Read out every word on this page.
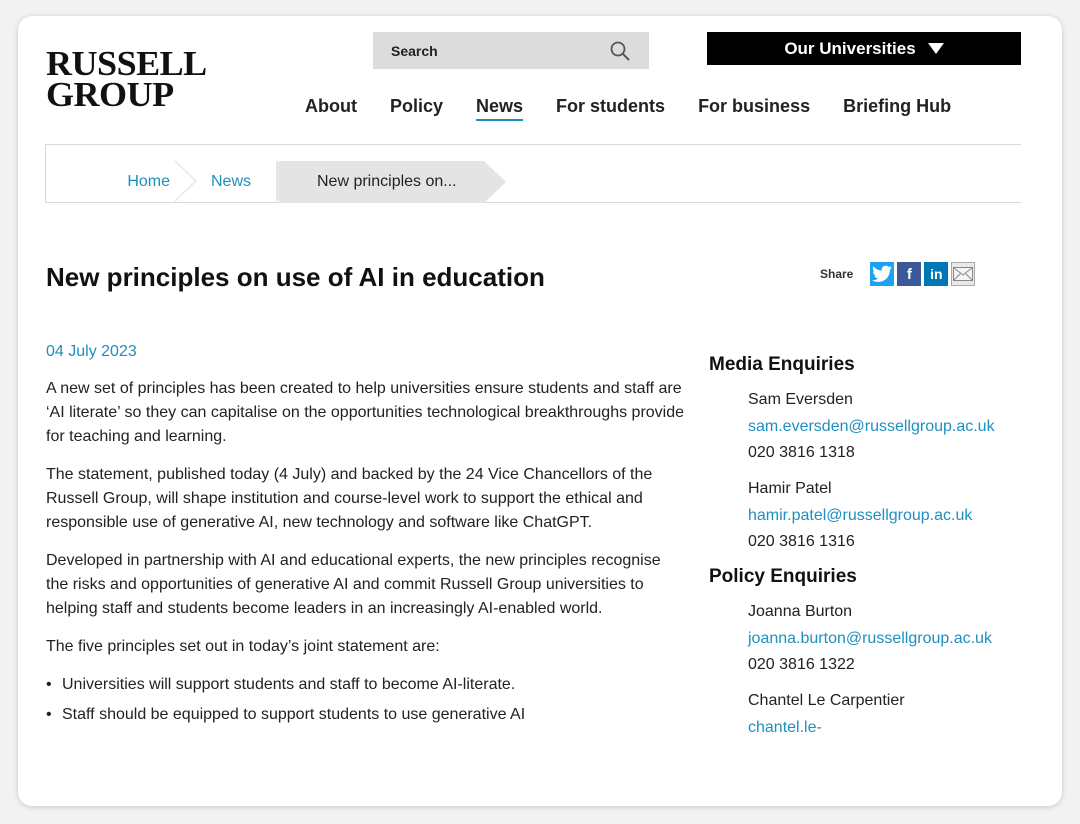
RUSSELL
GROUP
Search	Our Universities
About Policy News For students For business Briefing Hub
Home	News	New principles on...
New principles on use of AI in education	Share	f	in
04 July 2023

A new set of principles has been created to help universities ensure students and staff are ‘AI literate’ so they can capitalise on the opportunities technological breakthroughs provide for teaching and learning.

The statement, published today (4 July) and backed by the 24 Vice Chancellors of the Russell Group, will shape institution and course-level work to support the ethical and responsible use of generative AI, new technology and software like ChatGPT.

Developed in partnership with AI and educational experts, the new principles recognise the risks and opportunities of generative AI and commit Russell Group universities to helping staff and students become leaders in an increasingly AI-enabled world.

The five principles set out in today’s joint statement are:

• Universities will support students and staff to become AI-literate.
• Staff should be equipped to support students to use generative AI
Media Enquiries
Sam Eversden
sam.eversden@russellgroup.ac.uk
020 3816 1318
Hamir Patel
hamir.patel@russellgroup.ac.uk
020 3816 1316
Policy Enquiries
Joanna Burton
joanna.burton@russellgroup.ac.uk
020 3816 1322
Chantel Le Carpentier
chantel.le-
